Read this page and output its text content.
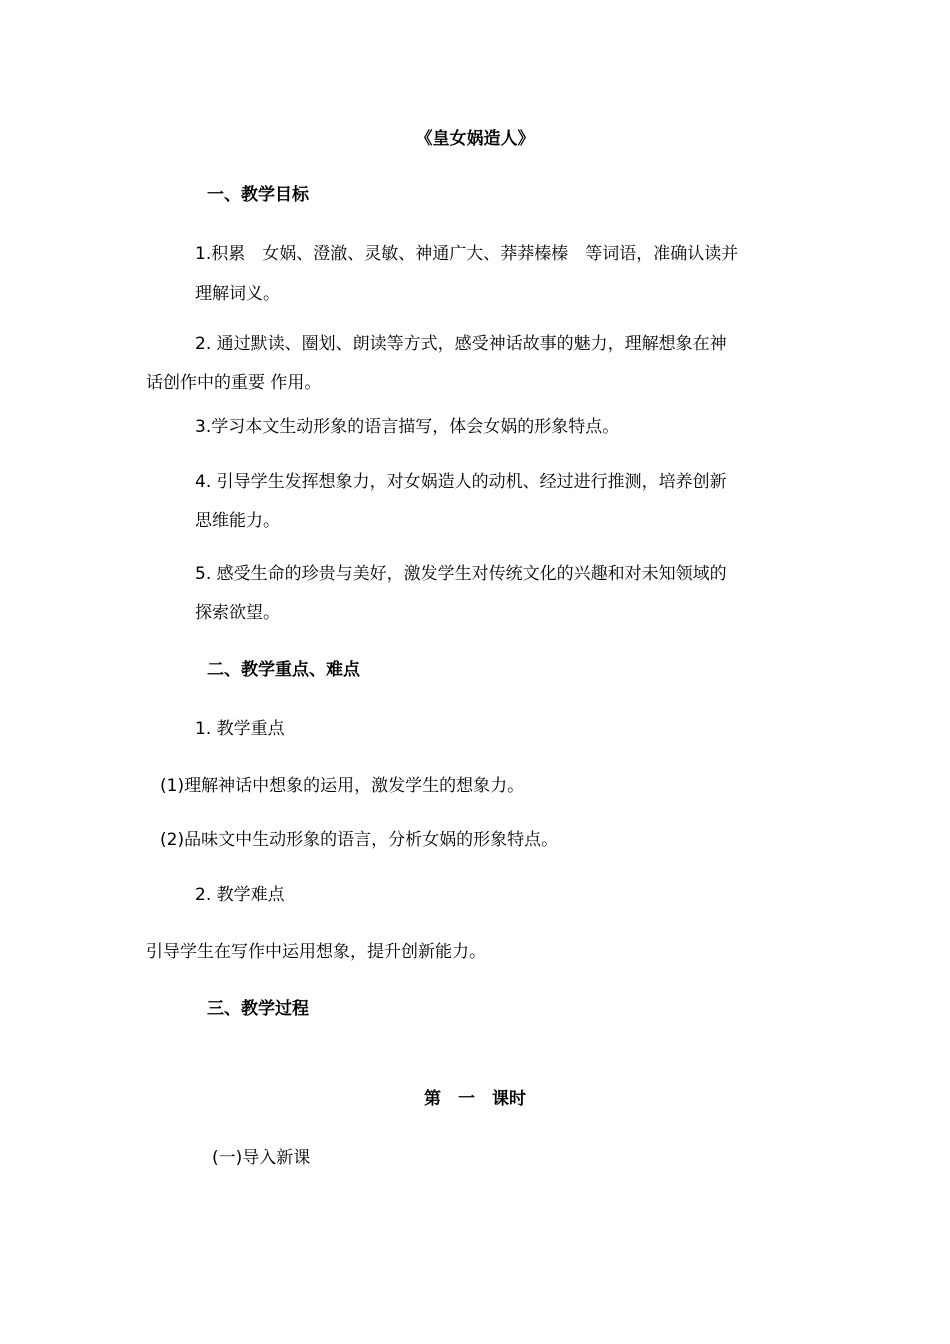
《皇女娲造人》
一、教学目标
1.积累　女娲、澄澈、灵敏、神通广大、莽莽榛榛　等词语，准确认读并
理解词义。
2. 通过默读、圈划、朗读等方式，感受神话故事的魅力，理解想象在神
话创作中的重要 作用。
3.学习本文生动形象的语言描写，体会女娲的形象特点。
4. 引导学生发挥想象力，对女娲造人的动机、经过进行推测，培养创新
思维能力。
5. 感受生命的珍贵与美好，激发学生对传统文化的兴趣和对未知领域的
探索欲望。
二、教学重点、难点
1. 教学重点
(1)理解神话中想象的运用，激发学生的想象力。
(2)品味文中生动形象的语言，分析女娲的形象特点。
2. 教学难点
引导学生在写作中运用想象，提升创新能力。
三、教学过程
第　一　课时
(一)导入新课
